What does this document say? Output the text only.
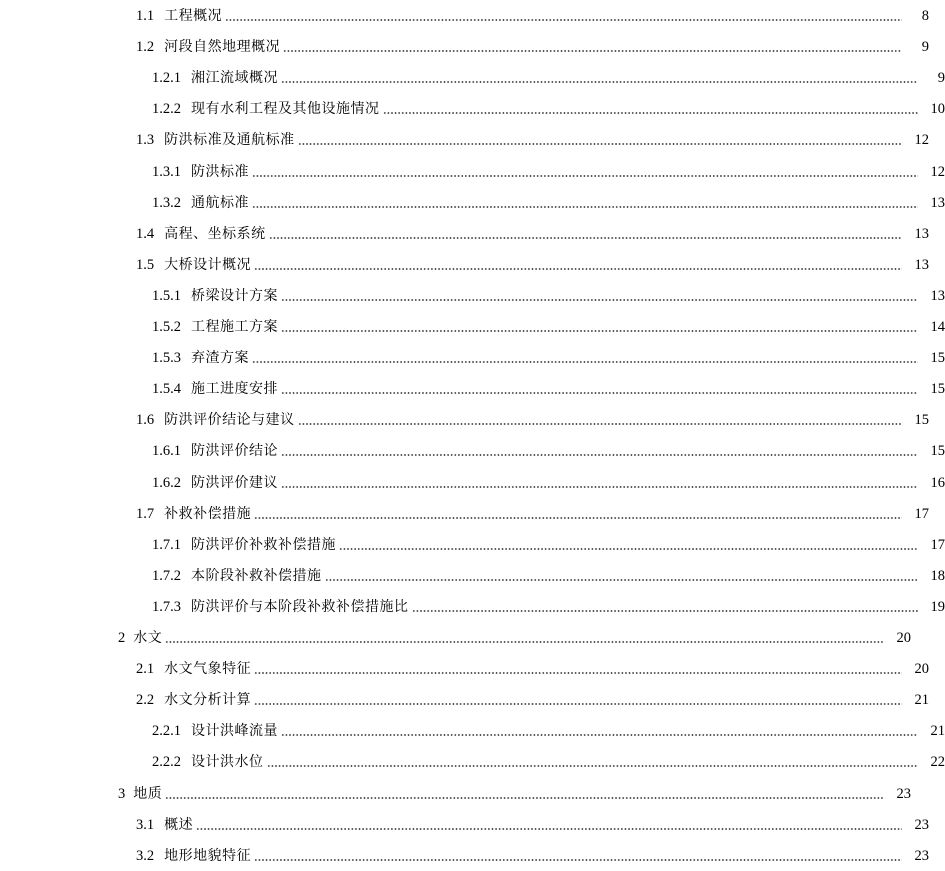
1.1 工程概况	8
1.2 河段自然地理概况	9
1.2.1 湘江流域概况	9
1.2.2 现有水利工程及其他设施情况	10
1.3 防洪标准及通航标准	12
1.3.1 防洪标准	12
1.3.2 通航标准	13
1.4 高程、坐标系统	13
1.5 大桥设计概况	13
1.5.1 桥梁设计方案	13
1.5.2 工程施工方案	14
1.5.3 弃渣方案	15
1.5.4 施工进度安排	15
1.6 防洪评价结论与建议	15
1.6.1 防洪评价结论	15
1.6.2 防洪评价建议	16
1.7 补救补偿措施	17
1.7.1 防洪评价补救补偿措施	17
1.7.2 本阶段补救补偿措施	18
1.7.3 防洪评价与本阶段补救补偿措施比	19
2 水文	20
2.1 水文气象特征	20
2.2 水文分析计算	21
2.2.1 设计洪峰流量	21
2.2.2 设计洪水位	22
3 地质	23
3.1 概述	23
3.2 地形地貌特征	23
